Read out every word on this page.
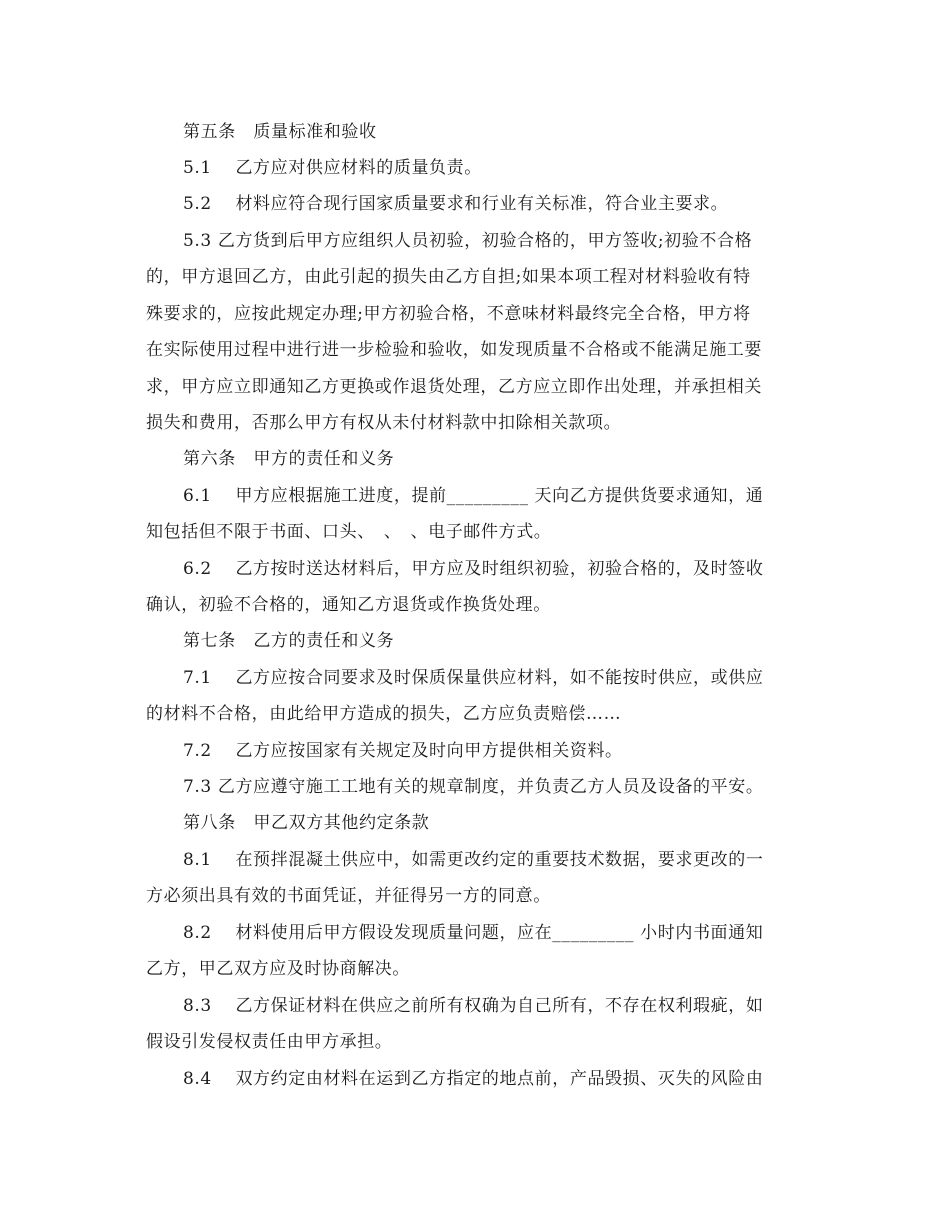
第五条　质量标准和验收
5.1　 乙方应对供应材料的质量负责。
5.2　 材料应符合现行国家质量要求和行业有关标准，符合业主要求。
5.3 乙方货到后甲方应组织人员初验，初验合格的，甲方签收;初验不合格
的，甲方退回乙方，由此引起的损失由乙方自担;如果本项工程对材料验收有特
殊要求的，应按此规定办理;甲方初验合格，不意味材料最终完全合格，甲方将
在实际使用过程中进行进一步检验和验收，如发现质量不合格或不能满足施工要
求，甲方应立即通知乙方更换或作退货处理，乙方应立即作出处理，并承担相关
损失和费用，否那么甲方有权从未付材料款中扣除相关款项。
第六条　甲方的责任和义务
6.1　 甲方应根据施工进度，提前_________ 天向乙方提供货要求通知，通
知包括但不限于书面、口头、　、　、电子邮件方式。
6.2　 乙方按时送达材料后，甲方应及时组织初验，初验合格的，及时签收
确认，初验不合格的，通知乙方退货或作换货处理。
第七条　乙方的责任和义务
7.1　 乙方应按合同要求及时保质保量供应材料，如不能按时供应，或供应
的材料不合格，由此给甲方造成的损失，乙方应负责赔偿……
7.2　 乙方应按国家有关规定及时向甲方提供相关资料。
7.3 乙方应遵守施工工地有关的规章制度，并负责乙方人员及设备的平安。
第八条　甲乙双方其他约定条款
8.1　 在预拌混凝土供应中，如需更改约定的重要技术数据，要求更改的一
方必须出具有效的书面凭证，并征得另一方的同意。
8.2　 材料使用后甲方假设发现质量问题，应在_________ 小时内书面通知
乙方，甲乙双方应及时协商解决。
8.3　 乙方保证材料在供应之前所有权确为自己所有，不存在权利瑕疵，如
假设引发侵权责任由甲方承担。
8.4　 双方约定由材料在运到乙方指定的地点前，产品毁损、灭失的风险由
